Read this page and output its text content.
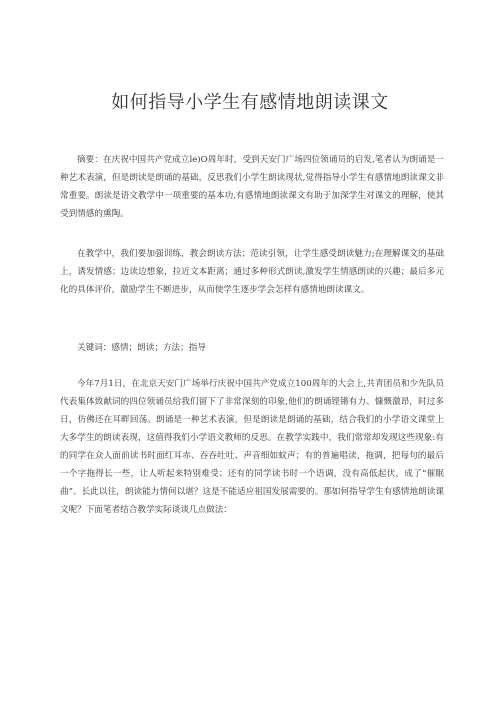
如何指导小学生有感情地朗读课文

摘要：在庆祝中国共产党成立le)O周年时，受到天安门广场四位领诵员的启发,笔者认为朗诵是一种艺术表演，但是朗读是朗诵的基础，反思我们小学生朗读现状,觉得指导小学生有感情地朗读课文非常重要。朗读是语文教学中一项重要的基本功,有感情地朗读课文有助于加深学生对课文的理解，使其受到情感的熏陶。

在教学中，我们要加强训练，教会朗读方法；范读引领，让学生感受朗读魅力;在理解课文的基础上，诱发情感；边读边想象，拉近文本距离；通过多种形式朗读,激发学生情感朗读的兴趣；最后多元化的具体评价，激励学生不断进步，从而使学生逐步学会怎样有感情地朗读课文。

关键词：感情；朗读；方法；指导

今年7月1日，在北京天安门广场举行庆祝中国共产党成立100周年的大会上,共青团员和少先队员代表集体致献词的四位领诵员给我们留下了非常深刻的印象,他们的朗诵铿锵有力、慷慨激昂，时过多日，仿佛还在耳畔回荡。朗诵是一种艺术表演，但是朗读是朗诵的基础，结合我们的小学语文课堂上大多学生的朗读表现，这值得我们小学语文教师的反思。在教学实践中，我们常常却发现这些现象:有的同学在众人面前读书时面红耳赤、吞吞吐吐、声音细如蚊声；有的普遍唱读，拖调，把每句的最后一个字拖得长一些，让人听起来特别难受；还有的同学读书时一个语调，没有高低起伏，成了“催眠曲”。长此以往，朗读能力情何以堪？这是不能适应祖国发展需要的。那如何指导学生有感情地朗读课文呢？下面笔者结合教学实际谈谈几点做法：
